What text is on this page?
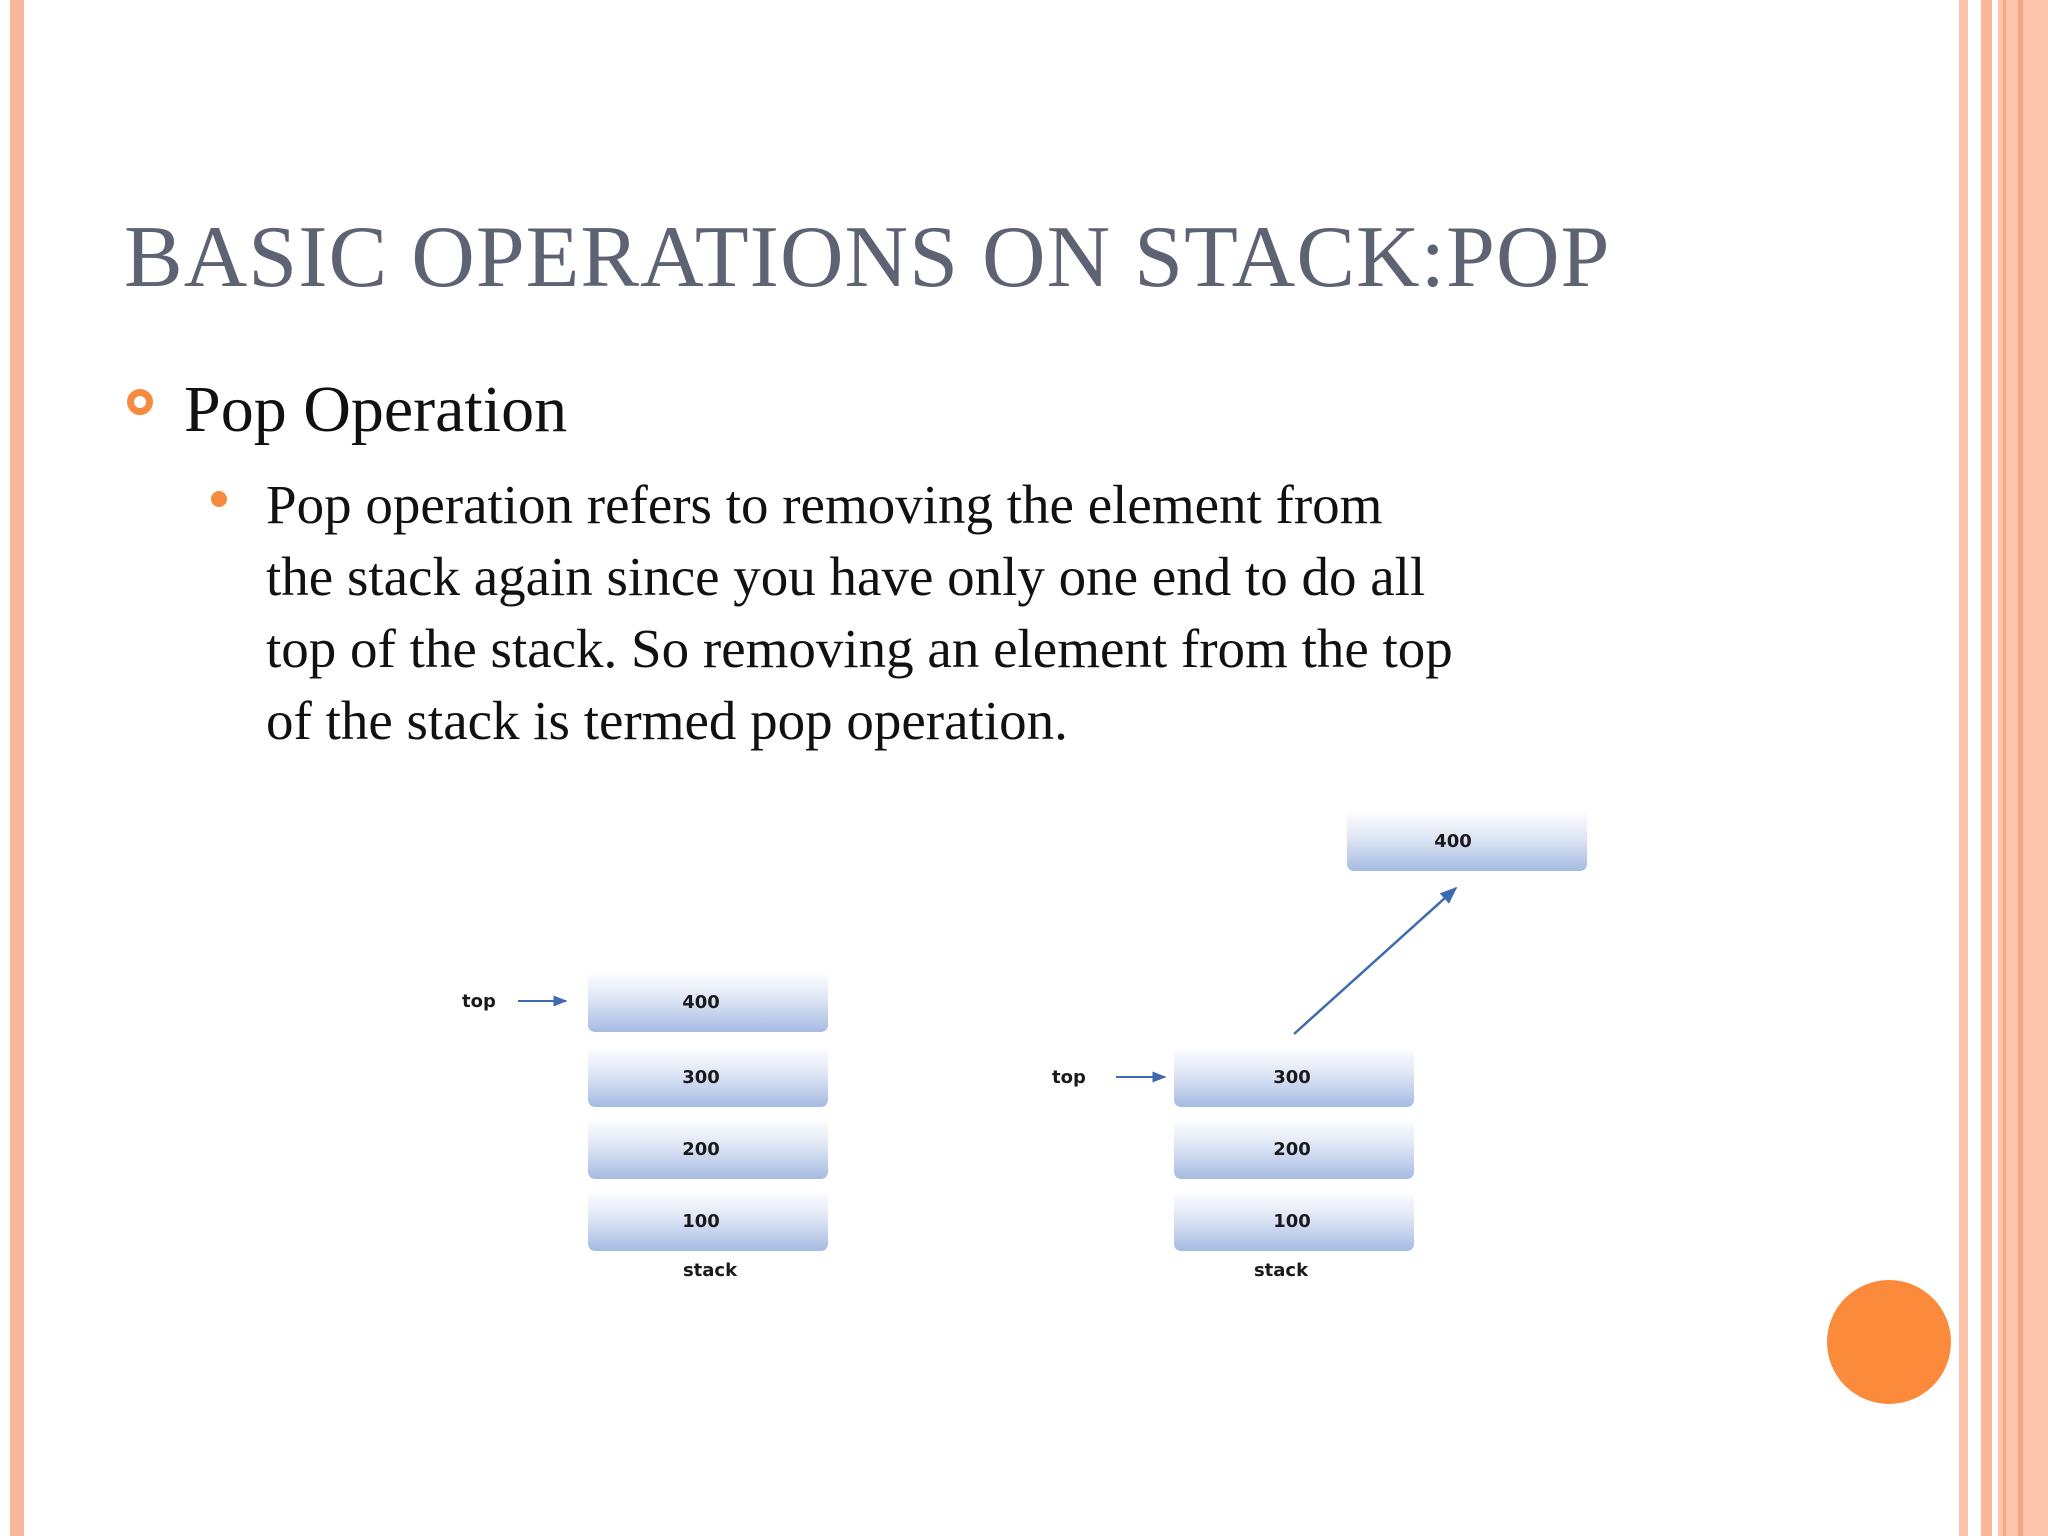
BASIC OPERATIONS ON STACK:POP
Pop Operation

Pop operation refers to removing the element from
the stack again since you have only one end to do all
top of the stack. So removing an element from the top
of the stack is termed pop operation.

top	400
300
200
100
stack
top	300
200
100
stack
400
